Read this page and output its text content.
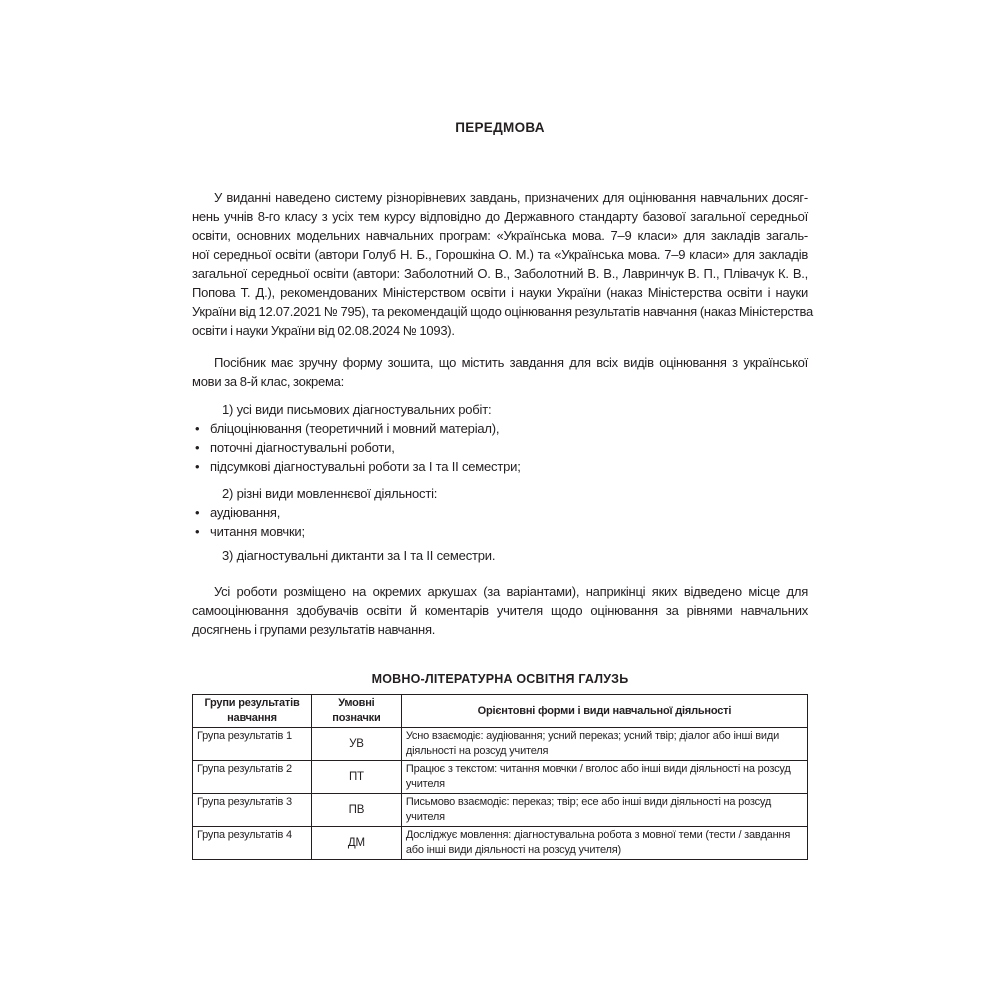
ПЕРЕДМОВА
У виданні наведено систему різнорівневих завдань, призначених для оцінювання навчальних досяг-
нень учнів 8-го класу з усіх тем курсу відповідно до Державного стандарту базової загальної середньої
освіти, основних модельних навчальних програм: «Українська мова. 7–9 класи» для закладів загаль-
ної середньої освіти (автори Голуб Н. Б., Горошкіна О. М.) та «Українська мова. 7–9 класи» для закладів
загальної середньої освіти (автори: Заболотний О. В., Заболотний В. В., Лавринчук В. П., Плівачук К. В.,
Попова Т. Д.), рекомендованих Міністерством освіти і науки України (наказ Міністерства освіти і науки
України від 12.07.2021 № 795), та рекомендацій щодо оцінювання результатів навчання (наказ Міністерства
освіти і науки України від 02.08.2024 № 1093).
Посібник має зручну форму зошита, що містить завдання для всіх видів оцінювання з української
мови за 8-й клас, зокрема:
1) усі види письмових діагностувальних робіт:
• бліцоцінювання (теоретичний і мовний матеріал),
• поточні діагностувальні роботи,
• підсумкові діагностувальні роботи за І та ІІ семестри;
2) різні види мовленнєвої діяльності:
• аудіювання,
• читання мовчки;
3) діагностувальні диктанти за І та ІІ семестри.
Усі роботи розміщено на окремих аркушах (за варіантами), наприкінці яких відведено місце для
самооцінювання здобувачів освіти й коментарів учителя щодо оцінювання за рівнями навчальних
досягнень і групами результатів навчання.
МОВНО-ЛІТЕРАТУРНА ОСВІТНЯ ГАЛУЗЬ
Групи результатів навчання	Умовні позначки	Орієнтовні форми і види навчальної діяльності
Група результатів 1	УВ	Усно взаємодіє: аудіювання; усний переказ; усний твір; діалог або інші види діяльності на розсуд учителя
Група результатів 2	ПТ	Працює з текстом: читання мовчки / вголос або інші види діяльності на розсуд учителя
Група результатів 3	ПВ	Письмово взаємодіє: переказ; твір; есе або інші види діяльності на розсуд учителя
Група результатів 4	ДМ	Досліджує мовлення: діагностувальна робота з мовної теми (тести / завдання або інші види діяльності на розсуд учителя)
